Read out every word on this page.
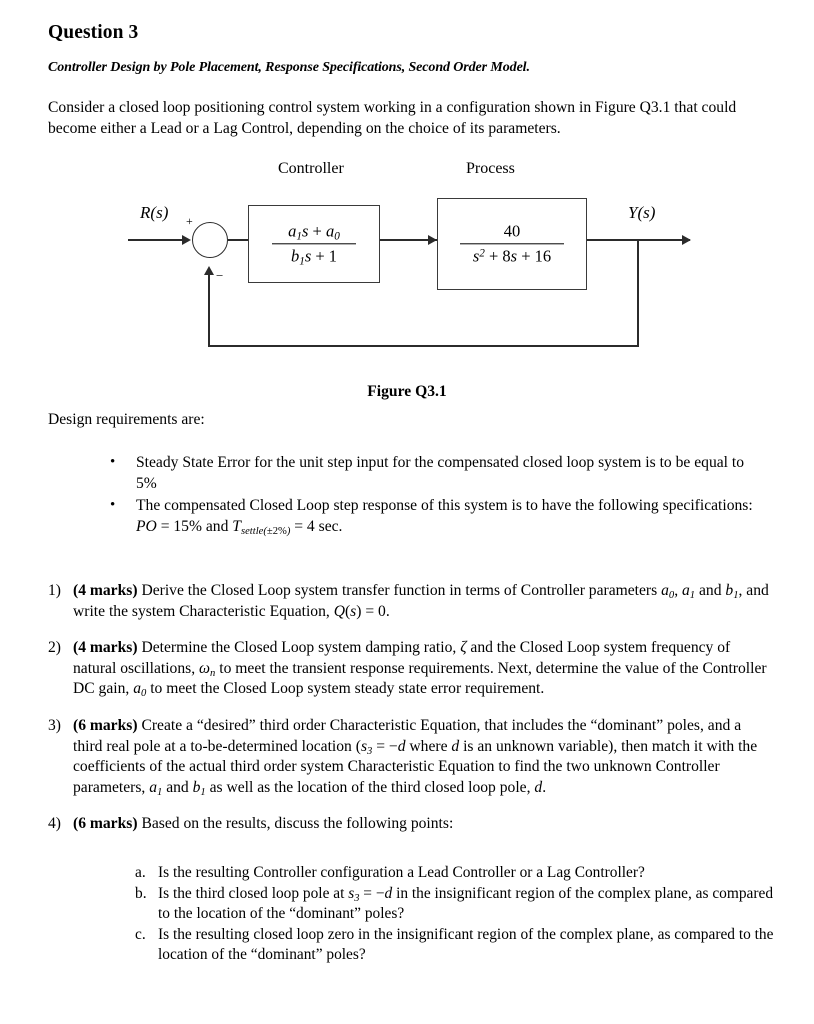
Question 3
Controller Design by Pole Placement, Response Specifications, Second Order Model.
Consider a closed loop positioning control system working in a configuration shown in Figure Q3.1 that could become either a Lead or a Lag Control, depending on the choice of its parameters.
Controller	Process
R(s)	Y(s)
+
−
$a_1s + a_0$
$b_1s + 1$
40
$s^2 + 8s + 16$
Figure Q3.1
Design requirements are:
• Steady State Error for the unit step input for the compensated closed loop system is to be equal to 5%
• The compensated Closed Loop step response of this system is to have the following specifications: PO = 15% and $T_{settle(\pm 2\%)} = 4$ sec.
1) (4 marks) Derive the Closed Loop system transfer function in terms of Controller parameters $a_0$, $a_1$ and $b_1$, and write the system Characteristic Equation, Q(s) = 0.
2) (4 marks) Determine the Closed Loop system damping ratio, ζ and the Closed Loop system frequency of natural oscillations, $\omega_n$ to meet the transient response requirements. Next, determine the value of the Controller DC gain, $a_0$ to meet the Closed Loop system steady state error requirement.
3) (6 marks) Create a “desired” third order Characteristic Equation, that includes the “dominant” poles, and a third real pole at a to-be-determined location ($s_3 = -d$ where d is an unknown variable), then match it with the coefficients of the actual third order system Characteristic Equation to find the two unknown Controller parameters, $a_1$ and $b_1$ as well as the location of the third closed loop pole, d.
4) (6 marks) Based on the results, discuss the following points:
a. Is the resulting Controller configuration a Lead Controller or a Lag Controller?
b. Is the third closed loop pole at $s_3 = -d$ in the insignificant region of the complex plane, as compared to the location of the “dominant” poles?
c. Is the resulting closed loop zero in the insignificant region of the complex plane, as compared to the location of the “dominant” poles?
